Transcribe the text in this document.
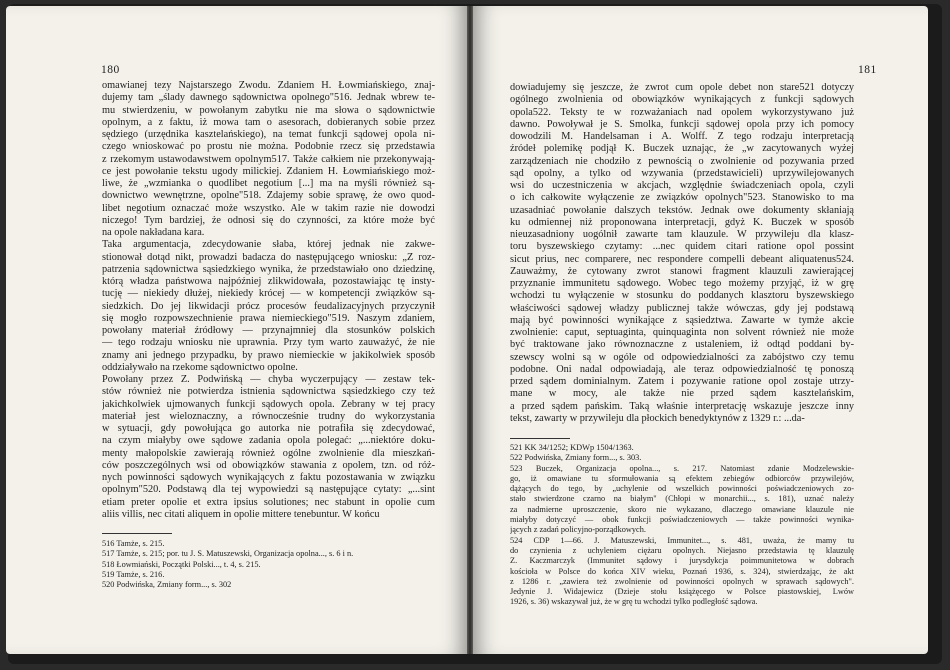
180
omawianej tezy Najstarszego Zwodu. Zdaniem H. Łowmiańskiego, znaj-
dujemy tam „ślady dawnego sądownictwa opolnego"516. Jednak wbrew te-
mu stwierdzeniu, w powołanym zabytku nie ma słowa o sądownictwie
opolnym, a z faktu, iż mowa tam o asesorach, dobieranych sobie przez
sędziego (urzędnika kasztelańskiego), na temat funkcji sądowej opola ni-
czego wnioskować po prostu nie można. Podobnie rzecz się przedstawia
z rzekomym ustawodawstwem opolnym517. Także całkiem nie przekonywają-
ce jest powołanie tekstu ugody milickiej. Zdaniem H. Łowmiańskiego moż-
liwe, że „wzmianka o quodlibet negotium [...] ma na myśli również są-
downictwo wewnętrzne, opolne"518. Zdajemy sobie sprawę, że owo quod-
libet negotium oznaczać może wszystko. Ale w takim razie nie dowodzi
niczego! Tym bardziej, że odnosi się do czynności, za które może być
na opole nakładana kara.
Taka argumentacja, zdecydowanie słaba, której jednak nie zakwe-
stionował dotąd nikt, prowadzi badacza do następującego wniosku: „Z roz-
patrzenia sądownictwa sąsiedzkiego wynika, że przedstawiało ono dziedzinę,
którą władza państwowa najpóźniej zlikwidowała, pozostawiając tę insty-
tucję — niekiedy dłużej, niekiedy krócej — w kompetencji związków są-
siedzkich. Do jej likwidacji prócz procesów feudalizacyjnych przyczynił
się mogło rozpowszechnienie prawa niemieckiego"519. Naszym zdaniem,
powołany materiał źródłowy — przynajmniej dla stosunków polskich
— tego rodzaju wniosku nie uprawnia. Przy tym warto zauważyć, że nie
znamy ani jednego przypadku, by prawo niemieckie w jakikolwiek sposób
oddziaływało na rzekome sądownictwo opolne.
Powołany przez Z. Podwińską — chyba wyczerpujący — zestaw tek-
stów również nie potwierdza istnienia sądownictwa sąsiedzkiego czy też
jakichkolwiek ujmowanych funkcji sądowych opola. Zebrany w tej pracy
materiał jest wieloznaczny, a równocześnie trudny do wykorzystania
w sytuacji, gdy powołująca go autorka nie potrafiła się zdecydować,
na czym miałyby owe sądowe zadania opola polegać: „...niektóre doku-
menty małopolskie zawierają również ogólne zwolnienie dla mieszkań-
ców poszczególnych wsi od obowiązków stawania z opolem, tzn. od róż-
nych powinności sądowych wynikających z faktu pozostawania w związku
opolnym"520. Podstawą dla tej wypowiedzi są następujące cytaty: „...sint
etiam preter opolie et extra ipsius solutiones; nec stabunt in opolie cum
aliis villis, nec citati aliquem in opolie mittere tenebuntur. W końcu
516 Tamże, s. 215.
517 Tamże, s. 215; por. tu J. S. Matuszewski, Organizacja opolna..., s. 6 i n.
518 Łowmiański, Początki Polski..., t. 4, s. 215.
519 Tamże, s. 216.
520 Podwińska, Zmiany form..., s. 302
181
dowiadujemy się jeszcze, że zwrot cum opole debet non stare521 dotyczy
ogólnego zwolnienia od obowiązków wynikających z funkcji sądowych
opola522. Teksty te w rozważaniach nad opolem wykorzystywano już
dawno. Powoływał je S. Smolka, funkcji sądowej opola przy ich pomocy
dowodzili M. Handelsaman i A. Wolff. Z tego rodzaju interpretacją
źródeł polemikę podjął K. Buczek uznając, że „w zacytowanych wyżej
zarządzeniach nie chodziło z pewnością o zwolnienie od pozywania przed
sąd opolny, a tylko od wzywania (przedstawicieli) uprzywilejowanych
wsi do uczestniczenia w akcjach, względnie świadczeniach opola, czyli
o ich całkowite wyłączenie ze związków opolnych"523. Stanowisko to ma
uzasadniać powołanie dalszych tekstów. Jednak owe dokumenty skłaniają
ku odmiennej niż proponowana interpretacji, gdyż K. Buczek w sposób
nieuzasadniony uogólnił zawarte tam klauzule. W przywileju dla klasz-
toru byszewskiego czytamy: ...nec quidem citari ratione opol possint
sicut prius, nec comparere, nec respondere compelli debeant aliquatenus524.
Zauważmy, że cytowany zwrot stanowi fragment klauzuli zawierającej
przyznanie immunitetu sądowego. Wobec tego możemy przyjąć, iż w grę
wchodzi tu wyłączenie w stosunku do poddanych klasztoru byszewskiego
właściwości sądowej władzy publicznej także wówczas, gdy jej podstawą
mają być powinności wynikające z sąsiedztwa. Zawarte w tymże akcie
zwolnienie: caput, septuaginta, quinquaginta non solvent również nie może
być traktowane jako równoznaczne z ustaleniem, iż odtąd poddani by-
szewscy wolni są w ogóle od odpowiedzialności za zabójstwo czy temu
podobne. Oni nadal odpowiadają, ale teraz odpowiedzialność tę ponoszą
przed sądem dominialnym. Zatem i pozywanie ratione opol zostaje utrzy-
mane w mocy, ale także nie przed sądem kasztelańskim,
a przed sądem pańskim. Taką właśnie interpretację wskazuje jeszcze inny
tekst, zawarty w przywileju dla płockich benedyktynów z 1329 r.: ...da-
521 KK 34/1252; KDWp 1504/1363.
522 Podwińska, Zmiany form..., s. 303.
523 Buczek, Organizacja opolna..., s. 217. Natomiast zdanie Modzelewskie-
go, iż omawiane tu sformułowania są efektem zebiegów odbiorców przywilejów,
dążących do tego, by „uchylenie od wszelkich powinności poświadczeniowych zo-
stało stwierdzone czarno na białym" (Chłopi w monarchii..., s. 181), uznać należy
za nadmierne uproszczenie, skoro nie wykazano, dlaczego omawiane klauzule nie
miałyby dotyczyć — obok funkcji poświadczeniowych — także powinności wynika-
jących z zadań policyjno-porządkowych.
524 CDP 1—66. J. Matuszewski, Immunitet..., s. 481, uważa, że mamy tu
do czynienia z uchyleniem ciężaru opolnych. Niejasno przedstawia tę klauzulę
Z. Kaczmarczyk (Immunitet sądowy i jurysdykcja poimmunitetowa w dobrach
kościoła w Polsce do końca XIV wieku, Poznań 1936, s. 324), stwierdzając, że akt
z 1286 r. „zawiera też zwolnienie od powinności opolnych w sprawach sądowych".
Jedynie J. Widajewicz (Dzieje stołu książęcego w Polsce piastowskiej, Lwów
1926, s. 36) wskazywał już, że w grę tu wchodzi tylko podległość sądowa.
